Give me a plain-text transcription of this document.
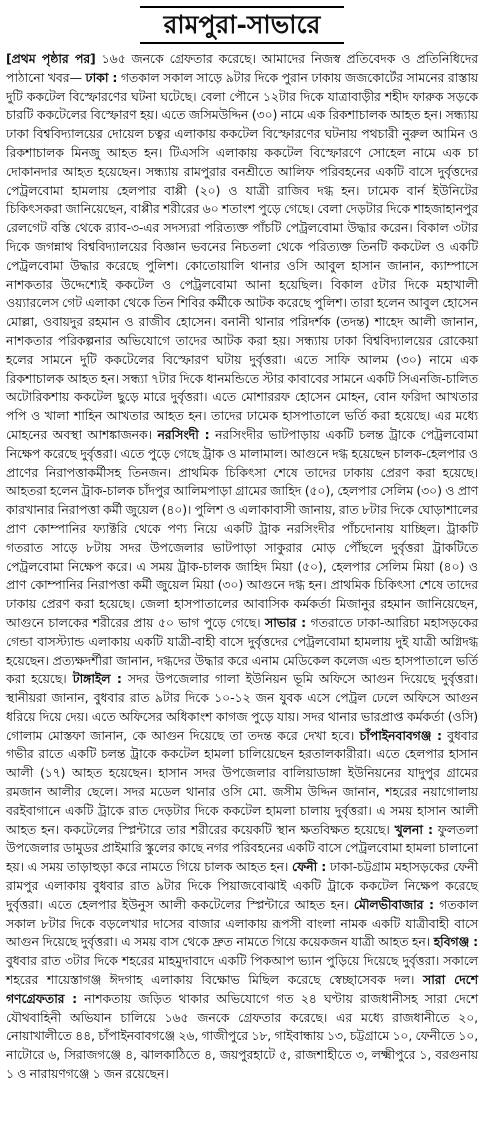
রামপুরা-সাভারে

[প্রথম পৃষ্ঠার পর] ১৬৫ জনকে গ্রেফতার করেছে। আমাদের নিজস্ব প্রতিবেদক ও প্রতিনিধিদের পাঠানো খবর— ঢাকা : গতকাল সকাল সাড়ে ৯টার দিকে পুরান ঢাকায় জজকোর্টের সামনের রাস্তায় দুটি ককটেল বিস্ফোরণের ঘটনা ঘটেছে। বেলা পৌনে ১২টার দিকে যাত্রাবাড়ীর শহীদ ফারুক সড়কে চারটি ককটেলের বিস্ফোরণ হয়। এতে জসিমউদ্দিন (৩০) নামে এক রিকশাচালক আহত হন। সন্ধ্যায় ঢাকা বিশ্ববিদ্যালয়ের দোয়েল চত্বর এলাকায় ককটেল বিস্ফোরণের ঘটনায় পথচারী নুরুল আমিন ও রিকশাচালক মিনজু আহত হন। টিএসসি এলাকায় ককটেল বিস্ফোরণে সোহেল নামে এক চা দোকানদার আহত হয়েছেন। সন্ধ্যায় রামপুরার বনশ্রীতে আলিফ পরিবহনের একটি বাসে দুর্বৃত্তদের পেট্রলবোমা হামলায় হেলপার বাপ্পী (২০) ও যাত্রী রাজিব দগ্ধ হন। ঢামেক বার্ন ইউনিটের চিকিৎসকরা জানিয়েছেন, বাপ্পীর শরীরের ৬০ শতাংশ পুড়ে গেছে। বেলা দেড়টার দিকে শাহজাহানপুর রেলগেট বস্তি থেকে র‌্যাব-৩-এর সদস্যরা পরিত্যক্ত পাঁচটি পেট্রলবোমা উদ্ধার করেন। বিকাল ৩টার দিকে জগন্নাথ বিশ্ববিদ্যালয়ের বিজ্ঞান ভবনের নিচতলা থেকে পরিত্যক্ত তিনটি ককটেল ও একটি পেট্রলবোমা উদ্ধার করেছে পুলিশ। কোতোয়ালি থানার ওসি আবুল হাসান জানান, ক্যাম্পাসে নাশকতার উদ্দেশ্যেই ককটেল ও পেট্রলবোমা আনা হয়েছিল। বিকাল ৫টার দিকে মহাখালী ওয়্যারলেস গেট এলাকা থেকে তিন শিবির কর্মীকে আটক করেছে পুলিশ। তারা হলেন আবুল হোসেন মোল্লা, ওবায়দুর রহমান ও রাজীব হোসেন। বনানী থানার পরিদর্শক (তদন্ত) শাহেদ আলী জানান, নাশকতার পরিকল্পনার অভিযোগে তাদের আটক করা হয়। সন্ধ্যায় ঢাকা বিশ্ববিদ্যালয়ের রোকেয়া হলের সামনে দুটি ককটেলের বিস্ফোরণ ঘটায় দুর্বৃত্তরা। এতে সাফি আলম (৩০) নামে এক রিকশাচালক আহত হন। সন্ধ্যা ৭টার দিকে ধানমন্ডিতে স্টার কাবাবের সামনে একটি সিএনজি-চালিত অটোরিকশায় ককটেল ছুড়ে মারে দুর্বৃত্তরা। এতে মোশাররফ হোসেন মোহন, বোন ফরিদা আখতার পপি ও খালা শাহিন আখতার আহত হন। তাদের ঢামেক হাসপাতালে ভর্তি করা হয়েছে। এর মধ্যে মোহনের অবস্থা আশঙ্কাজনক। নরসিংদী : নরসিংদীর ভাটপাড়ায় একটি চলন্ত ট্রাকে পেট্রলবোমা নিক্ষেপ করেছে দুর্বৃত্তরা। এতে পুড়ে গেছে ট্রাক ও মালামাল। আগুনে দগ্ধ হয়েছেন চালক-হেলপার ও প্রাণের নিরাপত্তাকর্মীসহ তিনজন। প্রাথমিক চিকিৎসা শেষে তাদের ঢাকায় প্রেরণ করা হয়েছে। আহতরা হলেন ট্রাক-চালক চাঁদপুর আলিমপাড়া গ্রামের জাহিদ (৫০), হেলপার সেলিম (৩০) ও প্রাণ কারখানার নিরাপত্তা কর্মী জুয়েল (৪০)। পুলিশ ও এলাকাবাসী জানায়, রাত ৮টার দিকে ঘোড়াশালের প্রাণ কোম্পানির ফ্যাক্টরি থেকে পণ্য নিয়ে একটি ট্রাক নরসিংদীর পাঁচদোনায় যাচ্ছিল। ট্রাকটি গতরাত সাড়ে ৮টায় সদর উপজেলার ভাটপাড়া সাকুরার মোড় পৌঁছলে দুর্বৃত্তরা ট্রাকটিতে পেট্রলবোমা নিক্ষেপ করে। এ সময় ট্রাক-চালক জাহিদ মিয়া (৫০), হেলপার সেলিম মিয়া (৪০) ও প্রাণ কোম্পানির নিরাপত্তা কর্মী জুয়েল মিয়া (৩০) আগুনে দগ্ধ হন। প্রাথমিক চিকিৎসা শেষে তাদের ঢাকায় প্রেরণ করা হয়েছে। জেলা হাসপাতালের আবাসিক কর্মকর্তা মিজানুর রহমান জানিয়েছেন, আগুনে চালকের শরীরের প্রায় ৫০ ভাগ পুড়ে গেছে। সাভার : গতরাতে ঢাকা-আরিচা মহাসড়কের গেন্ডা বাসস্ট্যান্ড এলাকায় একটি যাত্রী-বাহী বাসে দুর্বৃত্তদের পেট্রলবোমা হামলায় দুই যাত্রী অগ্নিদগ্ধ হয়েছেন। প্রত্যক্ষদর্শীরা জানান, দগ্ধদের উদ্ধার করে এনাম মেডিকেল কলেজ এন্ড হাসপাতালে ভর্তি করা হয়েছে। টাঙ্গাইল : সদর উপজেলার গালা ইউনিয়ন ভূমি অফিসে আগুন দিয়েছে দুর্বৃত্তরা। স্থানীয়রা জানান, বুধবার রাত ৯টার দিকে ১০-১২ জন যুবক এসে পেট্রল ঢেলে অফিসে আগুন ধরিয়ে দিয়ে দেয়। এতে অফিসের অধিকাংশ কাগজ পুড়ে যায়। সদর থানার ভারপ্রাপ্ত কর্মকর্তা (ওসি) গোলাম মোস্তফা জানান, কে আগুন দিয়েছে তা তদন্ত করে দেখা হবে। চাঁপাইনবাবগঞ্জ : বুধবার গভীর রাতে একটি চলন্ত ট্রাকে ককটেল হামলা চালিয়েছেন হরতালকারীরা। এতে হেলপার হাসান আলী (১৭) আহত হয়েছেন। হাসান সদর উপজেলার বালিয়াডাঙ্গা ইউনিয়নের যাদুপুর গ্রামের রমজান আলীর ছেলে। সদর মডেল থানার ওসি মো. জসীম উদ্দিন জানান, শহরের নয়াগোলায় বরইবাগানে একটি ট্রাকে রাত দেড়টার দিকে ককটেল হামলা চালায় দুর্বৃত্তরা। এ সময় হাসান আলী আহত হন। ককটেলের স্প্লিন্টারে তার শরীরের কয়েকটি স্থান ক্ষতবিক্ষত হয়েছে। খুলনা : ফুলতলা উপজেলার ডামুডর প্রাইমারি স্কুলের কাছে নগর পরিবহনের একটি বাসে পেট্রলবোমা হামলা চালানো হয়। এ সময় তাড়াহুড়া করে নামতে গিয়ে চালক আহত হন। ফেনী : ঢাকা-চট্টগ্রাম মহাসড়কের ফেনী রামপুর এলাকায় বুধবার রাত ৯টার দিকে পিয়াজবোঝাই একটি ট্রাকে ককটেল নিক্ষেপ করেছে দুর্বৃত্তরা। এতে হেলপার ইউনুস আলী ককটেলের স্প্লিন্টারে আহত হন। মৌলভীবাজার : গতকাল সকাল ৮টার দিকে বড়লেখার দাসের বাজার এলাকায় রূপসী বাংলা নামক একটি যাত্রীবাহী বাসে আগুন দিয়েছে দুর্বৃত্তরা। এ সময় বাস থেকে দ্রুত নামতে গিয়ে কয়েকজন যাত্রী আহত হন। হবিগঞ্জ : বুধবার রাত ৩টার দিকে শহরের মাহমুদাবাদে একটি পিকআপ ভ্যান পুড়িয়ে দিয়েছে দুর্বৃত্তরা। সকালে শহরের শায়েস্তাগঞ্জ ঈদগাহ এলাকায় বিক্ষোভ মিছিল করেছে স্বেচ্ছাসেবক দল। সারা দেশে গণগ্রেফতার : নাশকতায় জড়িত থাকার অভিযোগে গত ২৪ ঘণ্টায় রাজধানীসহ সারা দেশে যৌথবাহিনী অভিযান চালিয়ে ১৬৫ জনকে গ্রেফতার করেছে। এর মধ্যে রাজধানীতে ২০, নোয়াখালীতে ৪৪, চাঁপাইনবাবগঞ্জে ২৬, গাজীপুরে ১৮, গাইবান্ধায় ১৩, চট্টগ্রামে ১০, ফেনীতে ১০, নাটোরে ৬, সিরাজগঞ্জে ৪, ঝালকাঠিতে ৪, জয়পুরহাটে ৫, রাজশাহীতে ৩, লক্ষ্মীপুরে ১, বরগুনায় ১ ও নারায়ণগঞ্জে ১ জন রয়েছেন।
